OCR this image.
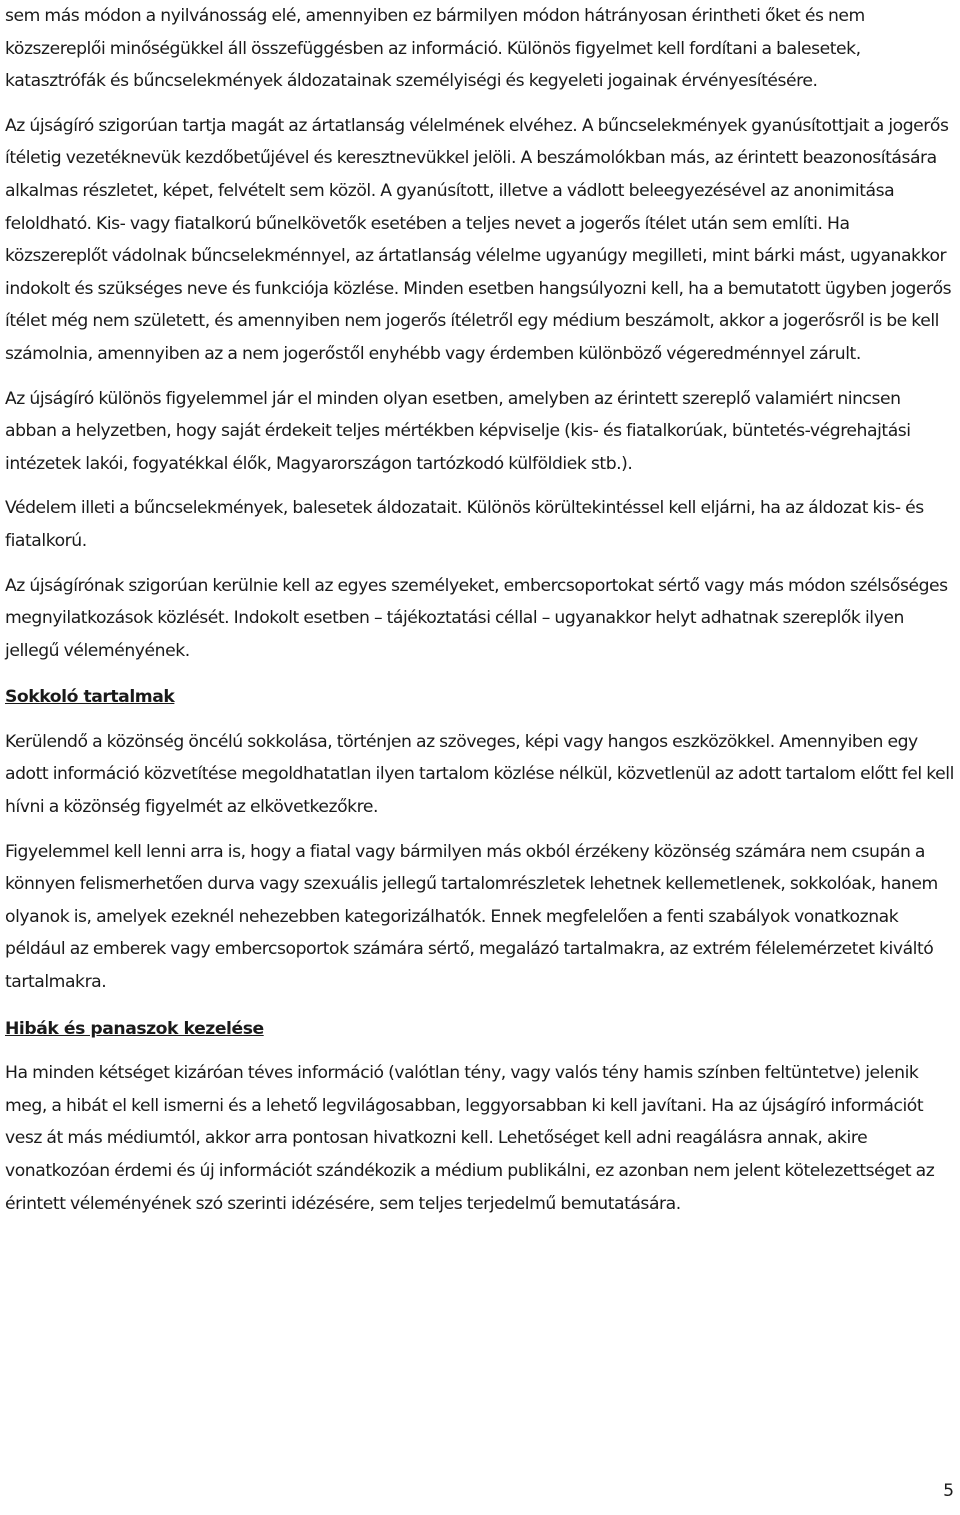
sem más módon a nyilvánosság elé, amennyiben ez bármilyen módon hátrányosan érintheti őket és nem közszereplői minőségükkel áll összefüggésben az információ. Különös figyelmet kell fordítani a balesetek, katasztrófák és bűncselekmények áldozatainak személyiségi és kegyeleti jogainak érvényesítésére.

Az újságíró szigorúan tartja magát az ártatlanság vélelmének elvéhez. A bűncselekmények gyanúsítottjait a jogerős ítéletig vezetéknevük kezdőbetűjével és keresztnevükkel jelöli. A beszámolókban más, az érintett beazonosítására alkalmas részletet, képet, felvételt sem közöl. A gyanúsított, illetve a vádlott beleegyezésével az anonimitása feloldható. Kis- vagy fiatalkorú bűnelkövetők esetében a teljes nevet a jogerős ítélet után sem említi. Ha közszereplőt vádolnak bűncselekménnyel, az ártatlanság vélelme ugyanúgy megilleti, mint bárki mást, ugyanakkor indokolt és szükséges neve és funkciója közlése. Minden esetben hangsúlyozni kell, ha a bemutatott ügyben jogerős ítélet még nem született, és amennyiben nem jogerős ítéletről egy médium beszámolt, akkor a jogerősről is be kell számolnia, amennyiben az a nem jogerőstől enyhébb vagy érdemben különböző végeredménnyel zárult.

Az újságíró különös figyelemmel jár el minden olyan esetben, amelyben az érintett szereplő valamiért nincsen abban a helyzetben, hogy saját érdekeit teljes mértékben képviselje (kis- és fiatalkorúak, büntetés-végrehajtási intézetek lakói, fogyatékkal élők, Magyarországon tartózkodó külföldiek stb.).

Védelem illeti a bűncselekmények, balesetek áldozatait. Különös körültekintéssel kell eljárni, ha az áldozat kis- és fiatalkorú.

Az újságírónak szigorúan kerülnie kell az egyes személyeket, embercsoportokat sértő vagy más módon szélsőséges megnyilatkozások közlését. Indokolt esetben – tájékoztatási céllal – ugyanakkor helyt adhatnak szereplők ilyen jellegű véleményének.

Sokkoló tartalmak

Kerülendő a közönség öncélú sokkolása, történjen az szöveges, képi vagy hangos eszközökkel. Amennyiben egy adott információ közvetítése megoldhatatlan ilyen tartalom közlése nélkül, közvetlenül az adott tartalom előtt fel kell hívni a közönség figyelmét az elkövetkezőkre.

Figyelemmel kell lenni arra is, hogy a fiatal vagy bármilyen más okból érzékeny közönség számára nem csupán a könnyen felismerhetően durva vagy szexuális jellegű tartalomrészletek lehetnek kellemetlenek, sokkolóak, hanem olyanok is, amelyek ezeknél nehezebben kategorizálhatók. Ennek megfelelően a fenti szabályok vonatkoznak például az emberek vagy embercsoportok számára sértő, megalázó tartalmakra, az extrém félelemérzetet kiváltó tartalmakra.

Hibák és panaszok kezelése

Ha minden kétséget kizáróan téves információ (valótlan tény, vagy valós tény hamis színben feltüntetve) jelenik meg, a hibát el kell ismerni és a lehető legvilágosabban, leggyorsabban ki kell javítani. Ha az újságíró információt vesz át más médiumtól, akkor arra pontosan hivatkozni kell. Lehetőséget kell adni reagálásra annak, akire vonatkozóan érdemi és új információt szándékozik a médium publikálni, ez azonban nem jelent kötelezettséget az érintett véleményének szó szerinti idézésére, sem teljes terjedelmű bemutatására.

5
